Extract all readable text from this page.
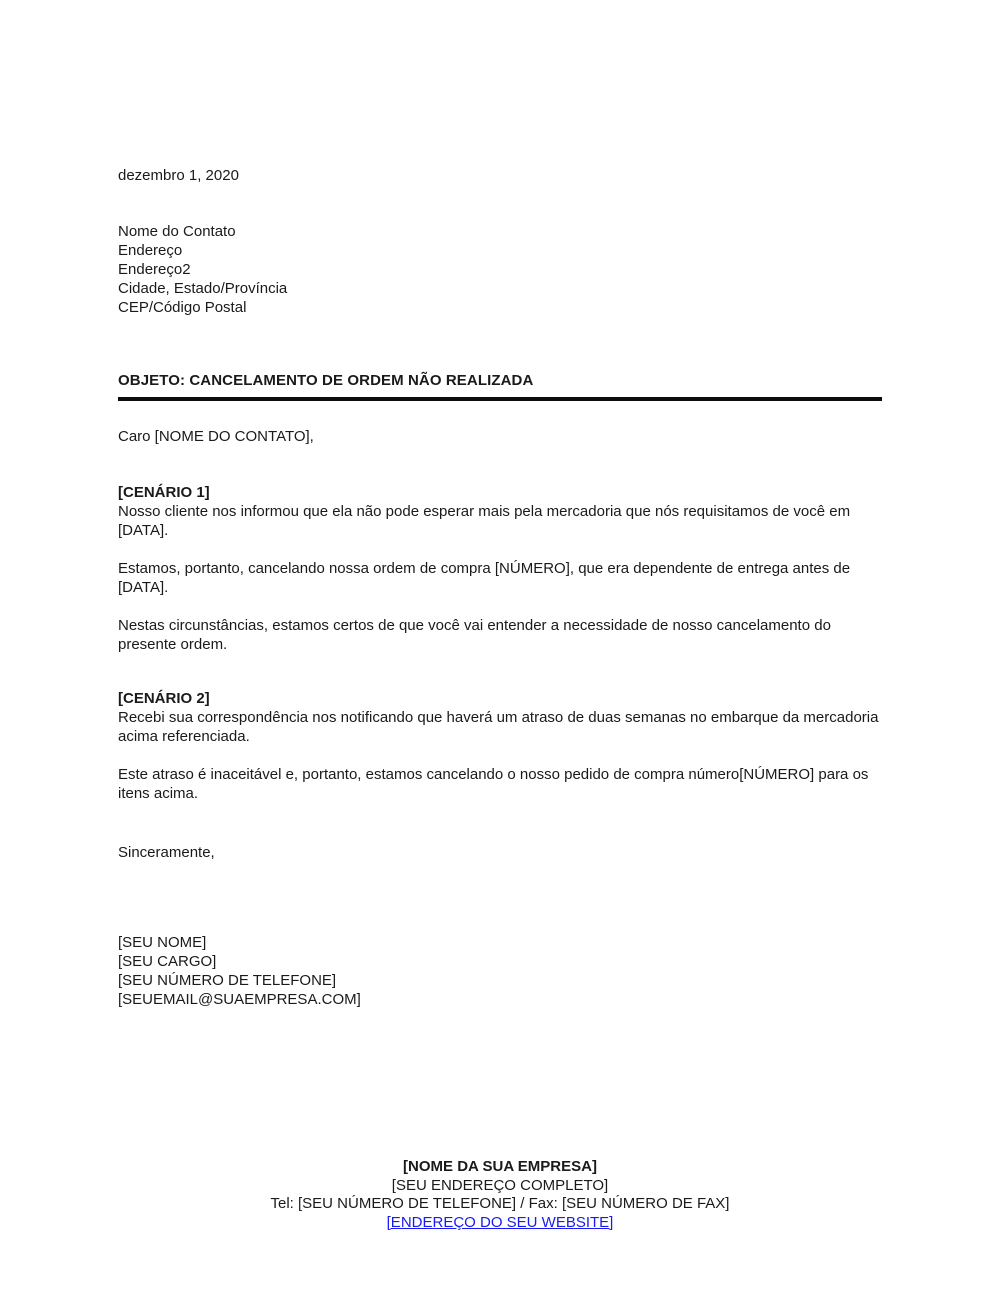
dezembro 1, 2020
Nome do Contato
Endereço
Endereço2
Cidade, Estado/Província
CEP/Código Postal
OBJETO: CANCELAMENTO DE ORDEM NÃO REALIZADA
Caro [NOME DO CONTATO],
[CENÁRIO 1]
Nosso cliente nos informou que ela não pode esperar mais pela mercadoria que nós requisitamos de você em [DATA].
Estamos, portanto, cancelando nossa ordem de compra [NÚMERO], que era dependente de entrega antes de [DATA].
Nestas circunstâncias, estamos certos de que você vai entender a necessidade de nosso cancelamento do presente ordem.
[CENÁRIO 2]
Recebi sua correspondência nos notificando que haverá um atraso de duas semanas no embarque da mercadoria acima referenciada.
Este atraso é inaceitável e, portanto, estamos cancelando o nosso pedido de compra número[NÚMERO] para os itens acima.
Sinceramente,
[SEU NOME]
[SEU CARGO]
[SEU NÚMERO DE TELEFONE]
[SEUEMAIL@SUAEMPRESA.COM]
[NOME DA SUA EMPRESA]
[SEU ENDEREÇO COMPLETO]
Tel: [SEU NÚMERO DE TELEFONE] / Fax: [SEU NÚMERO DE FAX]
[ENDEREÇO DO SEU WEBSITE]
